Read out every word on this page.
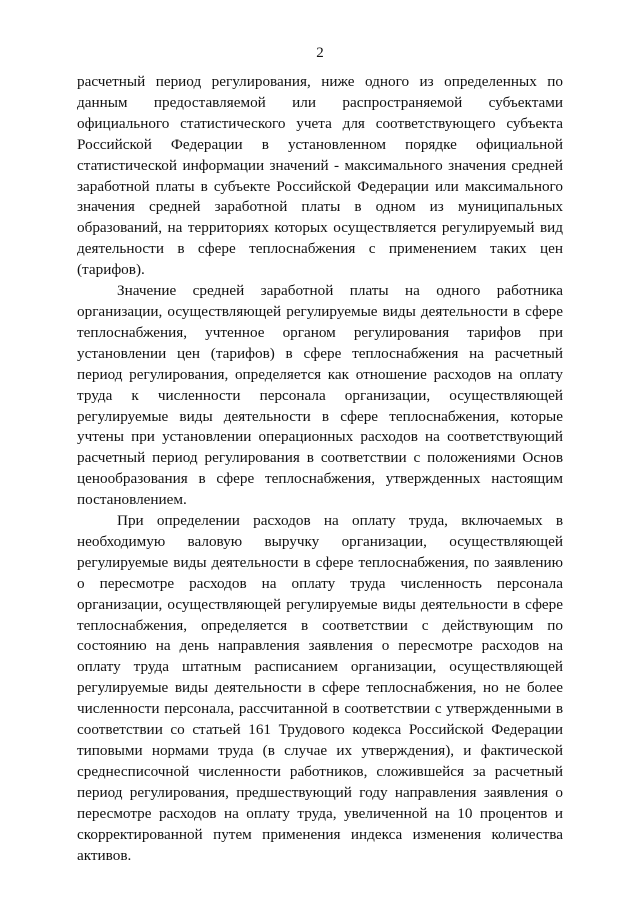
2

расчетный период регулирования, ниже одного из определенных по данным предоставляемой или распространяемой субъектами официального статистического учета для соответствующего субъекта Российской Федерации в установленном порядке официальной статистической информации значений - максимального значения средней заработной платы в субъекте Российской Федерации или максимального значения средней заработной платы в одном из муниципальных образований, на территориях которых осуществляется регулируемый вид деятельности в сфере теплоснабжения с применением таких цен (тарифов).

Значение средней заработной платы на одного работника организации, осуществляющей регулируемые виды деятельности в сфере теплоснабжения, учтенное органом регулирования тарифов при установлении цен (тарифов) в сфере теплоснабжения на расчетный период регулирования, определяется как отношение расходов на оплату труда к численности персонала организации, осуществляющей регулируемые виды деятельности в сфере теплоснабжения, которые учтены при установлении операционных расходов на соответствующий расчетный период регулирования в соответствии с положениями Основ ценообразования в сфере теплоснабжения, утвержденных настоящим постановлением.

При определении расходов на оплату труда, включаемых в необходимую валовую выручку организации, осуществляющей регулируемые виды деятельности в сфере теплоснабжения, по заявлению о пересмотре расходов на оплату труда численность персонала организации, осуществляющей регулируемые виды деятельности в сфере теплоснабжения, определяется в соответствии с действующим по состоянию на день направления заявления о пересмотре расходов на оплату труда штатным расписанием организации, осуществляющей регулируемые виды деятельности в сфере теплоснабжения, но не более численности персонала, рассчитанной в соответствии с утвержденными в соответствии со статьей 161 Трудового кодекса Российской Федерации типовыми нормами труда (в случае их утверждения), и фактической среднесписочной численности работников, сложившейся за расчетный период регулирования, предшествующий году направления заявления о пересмотре расходов на оплату труда, увеличенной на 10 процентов и скорректированной путем применения индекса изменения количества активов.
